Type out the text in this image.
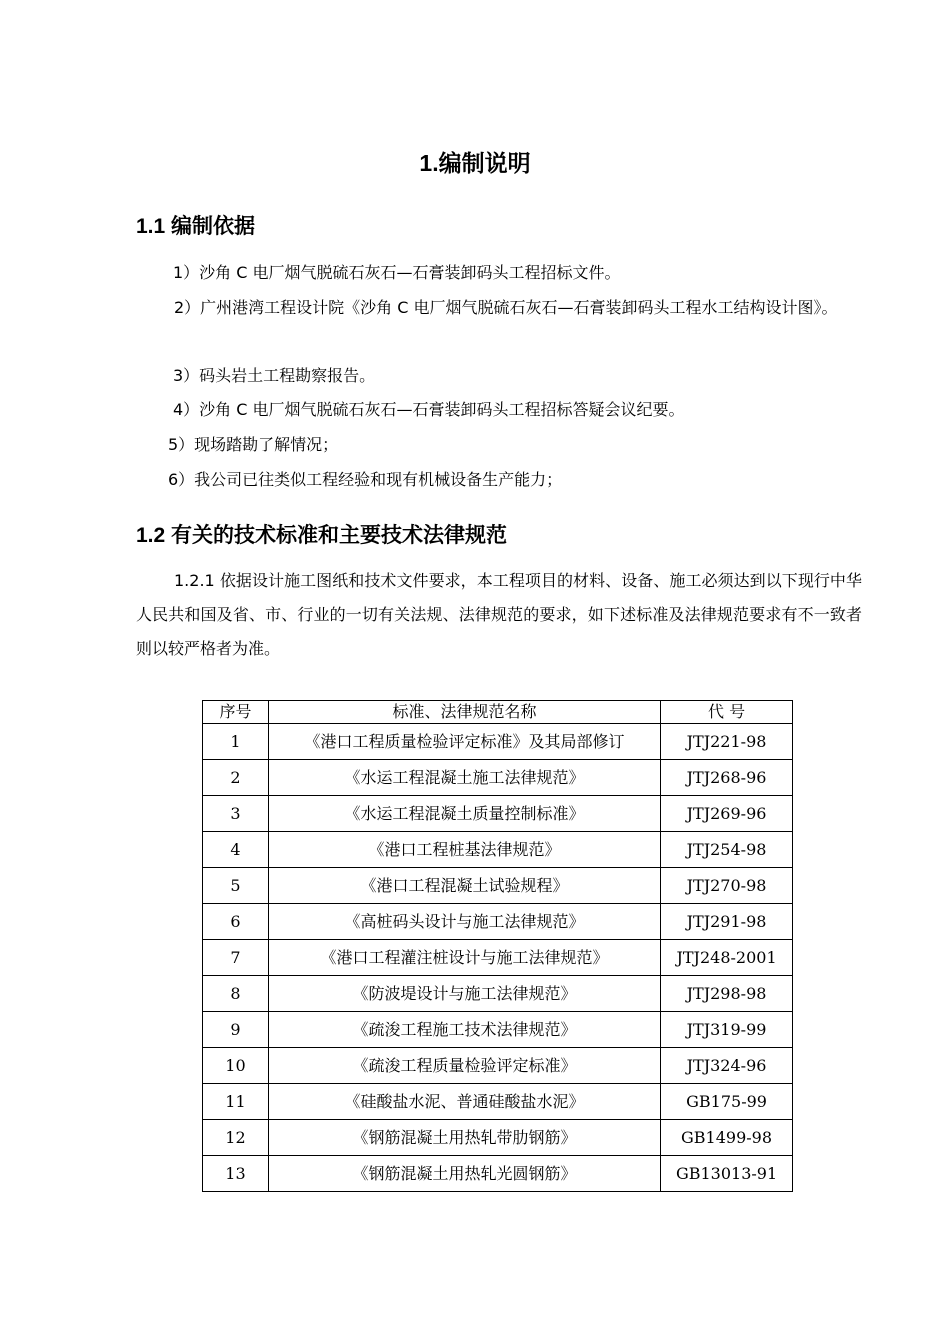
1.编制说明
1.1 编制依据
1）沙角 C 电厂烟气脱硫石灰石—石膏装卸码头工程招标文件。
2）广州港湾工程设计院《沙角 C 电厂烟气脱硫石灰石—石膏装卸码头工程水工结构设计图》。
3）码头岩土工程勘察报告。
4）沙角 C 电厂烟气脱硫石灰石—石膏装卸码头工程招标答疑会议纪要。
5）现场踏勘了解情况；
6）我公司已往类似工程经验和现有机械设备生产能力；
1.2 有关的技术标准和主要技术法律规范
1.2.1 依据设计施工图纸和技术文件要求，本工程项目的材料、设备、施工必须达到以下现行中华人民共和国及省、市、行业的一切有关法规、法律规范的要求，如下述标准及法律规范要求有不一致者则以较严格者为准。
序号	标准、法律规范名称	代 号
1	《港口工程质量检验评定标准》及其局部修订	JTJ221-98
2	《水运工程混凝土施工法律规范》	JTJ268-96
3	《水运工程混凝土质量控制标准》	JTJ269-96
4	《港口工程桩基法律规范》	JTJ254-98
5	《港口工程混凝土试验规程》	JTJ270-98
6	《高桩码头设计与施工法律规范》	JTJ291-98
7	《港口工程灌注桩设计与施工法律规范》	JTJ248-2001
8	《防波堤设计与施工法律规范》	JTJ298-98
9	《疏浚工程施工技术法律规范》	JTJ319-99
10	《疏浚工程质量检验评定标准》	JTJ324-96
11	《硅酸盐水泥、普通硅酸盐水泥》	GB175-99
12	《钢筋混凝土用热轧带肋钢筋》	GB1499-98
13	《钢筋混凝土用热轧光圆钢筋》	GB13013-91
